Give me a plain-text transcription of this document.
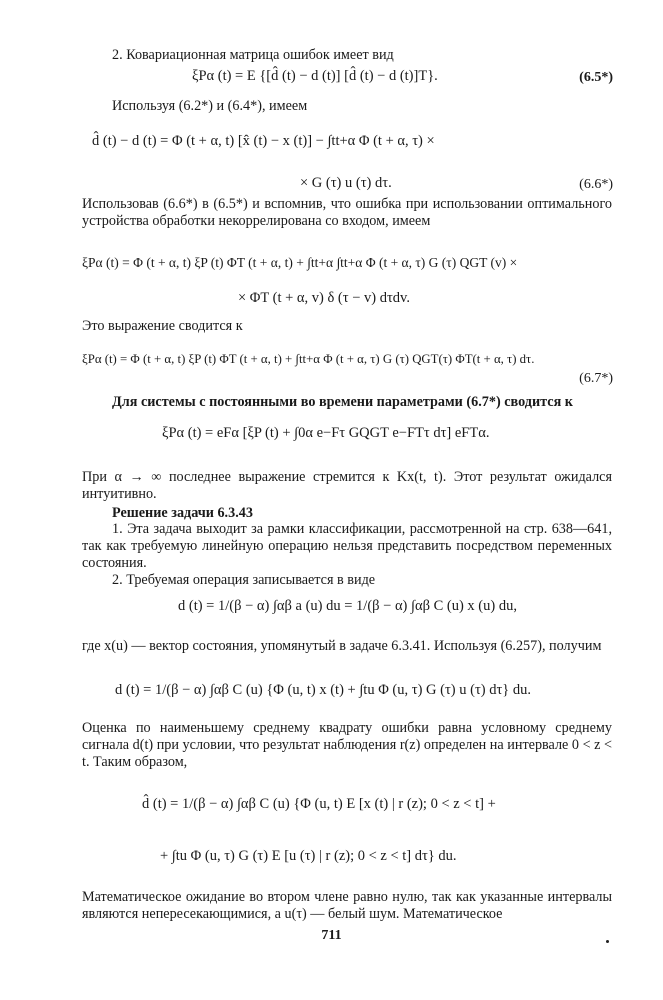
2. Ковариационная матрица ошибок имеет вид

ξPα (t) = E {[d̂ (t) − d (t)] [d̂ (t) − d (t)]T}.	(6.5*)

Используя (6.2*) и (6.4*), имеем

d̂ (t) − d (t) = Φ (t + α, t) [x̂ (t) − x (t)] − ∫tt+α Φ (t + α, τ) ×

× G (τ) u (τ) dτ.	(6.6*)

Использовав (6.6*) в (6.5*) и вспомнив, что ошибка при использовании оптимального устройства обработки некоррелирована со входом, имеем

ξPα (t) = Φ (t + α, t) ξP (t) ΦT (t + α, t) + ∫tt+α ∫tt+α Φ (t + α, τ) G (τ) QGT (v) ×

× ΦT (t + α, v) δ (τ − v) dτdv.

Это выражение сводится к

ξPα (t) = Φ (t + α, t) ξP (t) ΦT (t + α, t) + ∫tt+α Φ (t + α, τ) G (τ) QGT(τ) ΦT(t + α, τ) dτ.

(6.7*)

Для системы с постоянными во времени параметрами (6.7*) сводится к

ξPα (t) = eFα [ξP (t) + ∫0α e−Fτ GQGT e−FTτ dτ] eFTα.

При α → ∞ последнее выражение стремится к Kx(t, t). Этот результат ожидался интуитивно.

Решение задачи 6.3.43

1. Эта задача выходит за рамки классификации, рассмотренной на стр. 638—641, так как требуемую линейную операцию нельзя представить посредством переменных состояния.

2. Требуемая операция записывается в виде

d (t) = 1/(β − α) ∫αβ a (u) du = 1/(β − α) ∫αβ C (u) x (u) du,

где x(u) — вектор состояния, упомянутый в задаче 6.3.41. Используя (6.257), получим

d (t) = 1/(β − α) ∫αβ C (u) {Φ (u, t) x (t) + ∫tu Φ (u, τ) G (τ) u (τ) dτ} du.

Оценка по наименьшему среднему квадрату ошибки равна условному среднему сигнала d(t) при условии, что результат наблюдения r(z) определен на интервале 0 < z < t. Таким образом,

d̂ (t) = 1/(β − α) ∫αβ C (u) {Φ (u, t) E [x (t) | r (z); 0 < z < t] +

+ ∫tu Φ (u, τ) G (τ) E [u (τ) | r (z); 0 < z < t] dτ} du.

Математическое ожидание во втором члене равно нулю, так как указанные интервалы являются непересекающимися, а u(τ) — белый шум. Математическое

711
